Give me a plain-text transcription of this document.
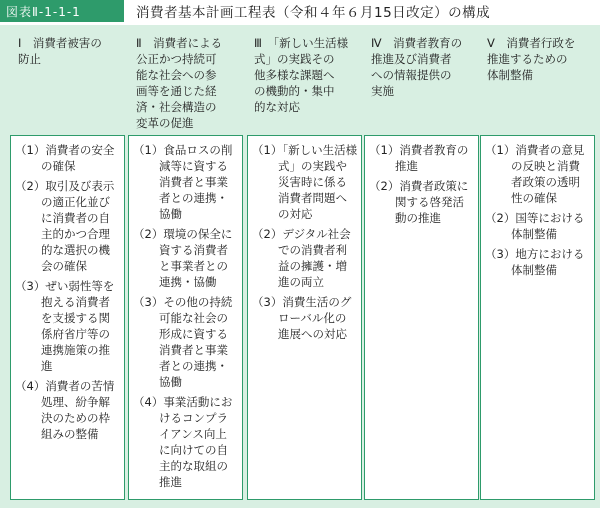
図表Ⅱ-1-1-1	消費者基本計画工程表（令和４年６月15日改定）の構成
Ⅰ　消費者被害の
防止
（1）消費者の安全
の確保
（2）取引及び表示
の適正化並び
に消費者の自
主的かつ合理
的な選択の機
会の確保
（3）ぜい弱性等を
抱える消費者
を支援する関
係府省庁等の
連携施策の推
進
（4）消費者の苦情
処理、紛争解
決のための枠
組みの整備
Ⅱ　消費者による
公正かつ持続可
能な社会への参
画等を通じた経
済・社会構造の
変革の促進
（1）食品ロスの削
減等に資する
消費者と事業
者との連携・
協働
（2）環境の保全に
資する消費者
と事業者との
連携・協働
（3）その他の持続
可能な社会の
形成に資する
消費者と事業
者との連携・
協働
（4）事業活動にお
けるコンプラ
イアンス向上
に向けての自
主的な取組の
推進
Ⅲ　「新しい生活様
式」の実践その
他多様な課題へ
の機動的・集中
的な対応
（1）「新しい生活様
式」の実践や
災害時に係る
消費者問題へ
の対応
（2）デジタル社会
での消費者利
益の擁護・増
進の両立
（3）消費生活のグ
ローバル化の
進展への対応
Ⅳ　消費者教育の
推進及び消費者
への情報提供の
実施
（1）消費者教育の
推進
（2）消費者政策に
関する啓発活
動の推進
Ⅴ　消費者行政を
推進するための
体制整備
（1）消費者の意見
の反映と消費
者政策の透明
性の確保
（2）国等における
体制整備
（3）地方における
体制整備
